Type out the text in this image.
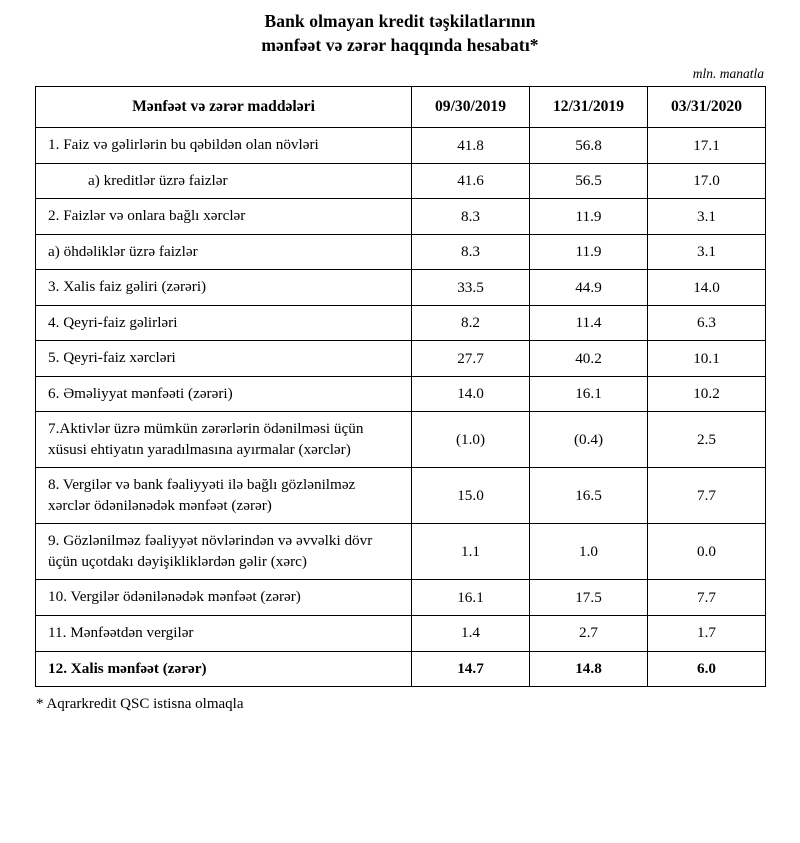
Bank olmayan kredit təşkilatlarının
mənfəət və zərər haqqında hesabatı*
mln. manatla
Mənfəət və zərər maddələri	09/30/2019	12/31/2019	03/31/2020
1. Faiz və gəlirlərin bu qəbildən olan növləri	41.8	56.8	17.1
a) kreditlər üzrə faizlər	41.6	56.5	17.0
2. Faizlər və onlara bağlı xərclər	8.3	11.9	3.1
a) öhdəliklər üzrə faizlər	8.3	11.9	3.1
3. Xalis faiz gəliri (zərəri)	33.5	44.9	14.0
4. Qeyri-faiz gəlirləri	8.2	11.4	6.3
5. Qeyri-faiz xərcləri	27.7	40.2	10.1
6. Əməliyyat mənfəəti (zərəri)	14.0	16.1	10.2
7.Aktivlər üzrə mümkün zərərlərin ödənilməsi üçün xüsusi ehtiyatın yaradılmasına ayırmalar (xərclər)	(1.0)	(0.4)	2.5
8. Vergilər və bank fəaliyyəti ilə bağlı gözlənilməz xərclər ödənilənədək mənfəət (zərər)	15.0	16.5	7.7
9. Gözlənilməz fəaliyyət növlərindən və əvvəlki dövr üçün uçotdakı dəyişikliklərdən gəlir (xərc)	1.1	1.0	0.0
10. Vergilər ödənilənədək mənfəət (zərər)	16.1	17.5	7.7
11. Mənfəətdən vergilər	1.4	2.7	1.7
12. Xalis mənfəət (zərər)	14.7	14.8	6.0
* Aqrarkredit QSC istisna olmaqla
